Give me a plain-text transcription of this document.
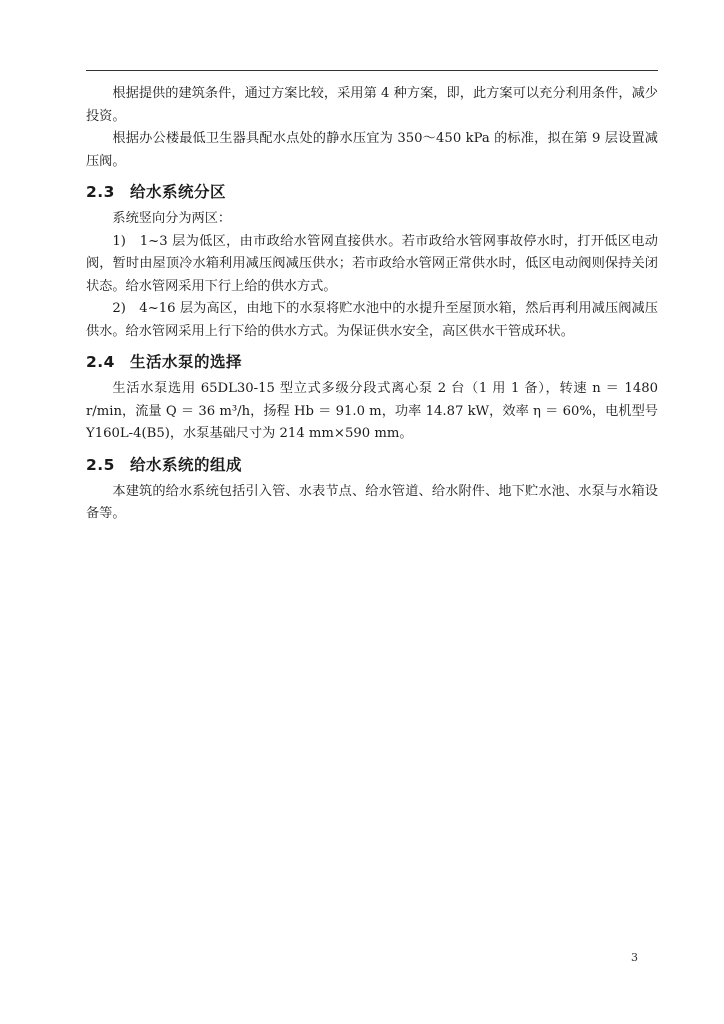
根据提供的建筑条件，通过方案比较，采用第 4 种方案，即，此方案可以充分利用条件，减少投资。

根据办公楼最低卫生器具配水点处的静水压宜为 350～450 kPa 的标准，拟在第 9 层设置减压阀。

2.3 给水系统分区

系统竖向分为两区：

1)　1~3 层为低区，由市政给水管网直接供水。若市政给水管网事故停水时，打开低区电动阀，暂时由屋顶冷水箱利用减压阀减压供水；若市政给水管网正常供水时，低区电动阀则保持关闭状态。给水管网采用下行上给的供水方式。

2)　4~16 层为高区，由地下的水泵将贮水池中的水提升至屋顶水箱，然后再利用减压阀减压供水。给水管网采用上行下给的供水方式。为保证供水安全，高区供水干管成环状。

2.4 生活水泵的选择

生活水泵选用 65DL30-15 型立式多级分段式离心泵 2 台（1 用 1 备），转速 n ＝ 1480 r/min，流量 Q ＝ 36 m³/h，扬程 Hb ＝ 91.0 m，功率 14.87 kW，效率 η ＝ 60%，电机型号 Y160L-4(B5)，水泵基础尺寸为 214 mm×590 mm。

2.5 给水系统的组成

本建筑的给水系统包括引入管、水表节点、给水管道、给水附件、地下贮水池、水泵与水箱设备等。

3
